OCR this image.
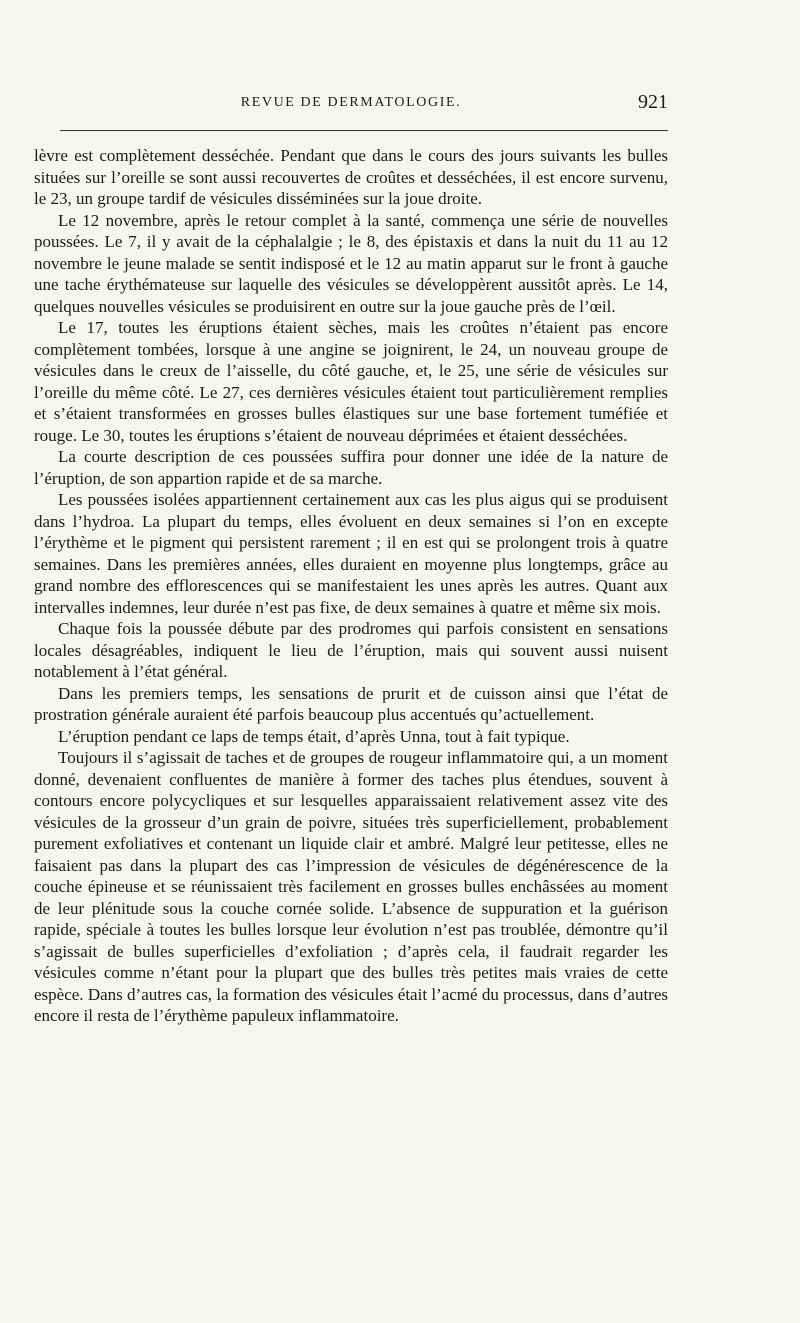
REVUE DE DERMATOLOGIE.	921

lèvre est complètement desséchée. Pendant que dans le cours des jours suivants les bulles situées sur l’oreille se sont aussi recouvertes de croûtes et desséchées, il est encore survenu, le 23, un groupe tardif de vésicules disséminées sur la joue droite.

Le 12 novembre, après le retour complet à la santé, commença une série de nouvelles poussées. Le 7, il y avait de la céphalalgie ; le 8, des épistaxis et dans la nuit du 11 au 12 novembre le jeune malade se sentit indisposé et le 12 au matin apparut sur le front à gauche une tache érythémateuse sur laquelle des vésicules se développèrent aussitôt après. Le 14, quelques nouvelles vésicules se produisirent en outre sur la joue gauche près de l’œil.

Le 17, toutes les éruptions étaient sèches, mais les croûtes n’étaient pas encore complètement tombées, lorsque à une angine se joignirent, le 24, un nouveau groupe de vésicules dans le creux de l’aisselle, du côté gauche, et, le 25, une série de vésicules sur l’oreille du même côté. Le 27, ces dernières vésicules étaient tout particulièrement remplies et s’étaient transformées en grosses bulles élastiques sur une base fortement tuméfiée et rouge. Le 30, toutes les éruptions s’étaient de nouveau déprimées et étaient desséchées.

La courte description de ces poussées suffira pour donner une idée de la nature de l’éruption, de son appartion rapide et de sa marche.

Les poussées isolées appartiennent certainement aux cas les plus aigus qui se produisent dans l’hydroa. La plupart du temps, elles évoluent en deux semaines si l’on en excepte l’érythème et le pigment qui persistent rarement ; il en est qui se prolongent trois à quatre semaines. Dans les premières années, elles duraient en moyenne plus longtemps, grâce au grand nombre des efflorescences qui se manifestaient les unes après les autres. Quant aux intervalles indemnes, leur durée n’est pas fixe, de deux semaines à quatre et même six mois.

Chaque fois la poussée débute par des prodromes qui parfois consistent en sensations locales désagréables, indiquent le lieu de l’éruption, mais qui souvent aussi nuisent notablement à l’état général.

Dans les premiers temps, les sensations de prurit et de cuisson ainsi que l’état de prostration générale auraient été parfois beaucoup plus accentués qu’actuellement.

L’éruption pendant ce laps de temps était, d’après Unna, tout à fait typique.

Toujours il s’agissait de taches et de groupes de rougeur inflammatoire qui, a un moment donné, devenaient confluentes de manière à former des taches plus étendues, souvent à contours encore polycycliques et sur lesquelles apparaissaient relativement assez vite des vésicules de la grosseur d’un grain de poivre, situées très superficiellement, probablement purement exfoliatives et contenant un liquide clair et ambré. Malgré leur petitesse, elles ne faisaient pas dans la plupart des cas l’impression de vésicules de dégénérescence de la couche épineuse et se réunissaient très facilement en grosses bulles enchâssées au moment de leur plénitude sous la couche cornée solide. L’absence de suppuration et la guérison rapide, spéciale à toutes les bulles lorsque leur évolution n’est pas troublée, démontre qu’il s’agissait de bulles superficielles d’exfoliation ; d’après cela, il faudrait regarder les vésicules comme n’étant pour la plupart que des bulles très petites mais vraies de cette espèce. Dans d’autres cas, la formation des vésicules était l’acmé du processus, dans d’autres encore il resta de l’érythème papuleux inflammatoire.
